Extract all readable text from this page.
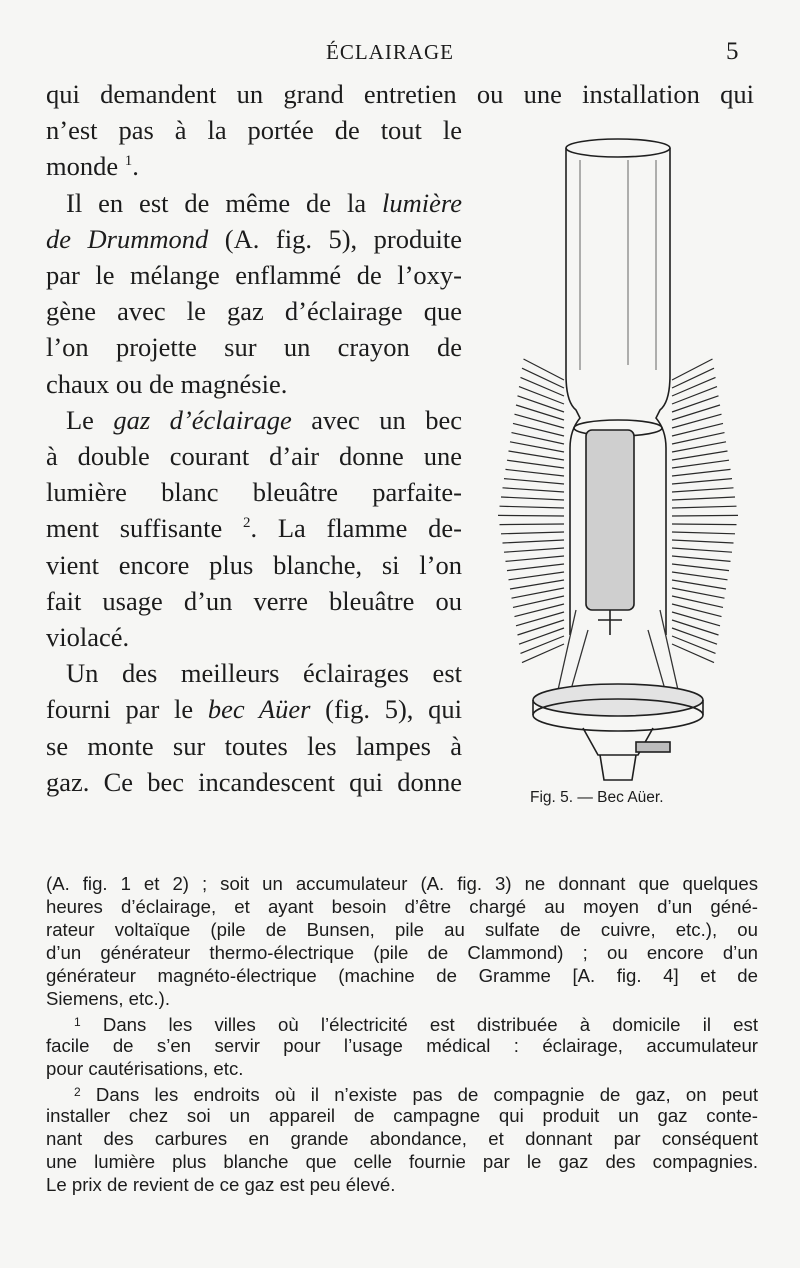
ÉCLAIRAGE	5
qui demandent un grand entretien ou une installation qui
n’est pas à la portée de tout le
monde $^1$.
Il en est de même de la lumière
de Drummond (A. fig. 5), produite
par le mélange enflammé de l’oxy-
gène avec le gaz d’éclairage que
l’on projette sur un crayon de
chaux ou de magnésie.
Le gaz d’éclairage avec un bec
à double courant d’air donne une
lumière blanc bleuâtre parfaite-
ment suffisante $^2$. La flamme de-
vient encore plus blanche, si l’on
fait usage d’un verre bleuâtre ou
violacé.
Un des meilleurs éclairages est
fourni par le bec Aüer (fig. 5), qui
se monte sur toutes les lampes à
gaz. Ce bec incandescent qui donne
Fig. 5. — Bec Aüer.
(A. fig. 1 et 2) ; soit un accumulateur (A. fig. 3) ne donnant que quelques
heures d’éclairage, et ayant besoin d’être chargé au moyen d’un géné-
rateur voltaïque (pile de Bunsen, pile au sulfate de cuivre, etc.), ou
d’un générateur thermo-électrique (pile de Clammond) ; ou encore d’un
générateur magnéto-électrique (machine de Gramme [A. fig. 4] et de
Siemens, etc.).
$^1$ Dans les villes où l’électricité est distribuée à domicile il est
facile de s’en servir pour l’usage médical : éclairage, accumulateur
pour cautérisations, etc.
$^2$ Dans les endroits où il n’existe pas de compagnie de gaz, on peut
installer chez soi un appareil de campagne qui produit un gaz conte-
nant des carbures en grande abondance, et donnant par conséquent
une lumière plus blanche que celle fournie par le gaz des compagnies.
Le prix de revient de ce gaz est peu élevé.
